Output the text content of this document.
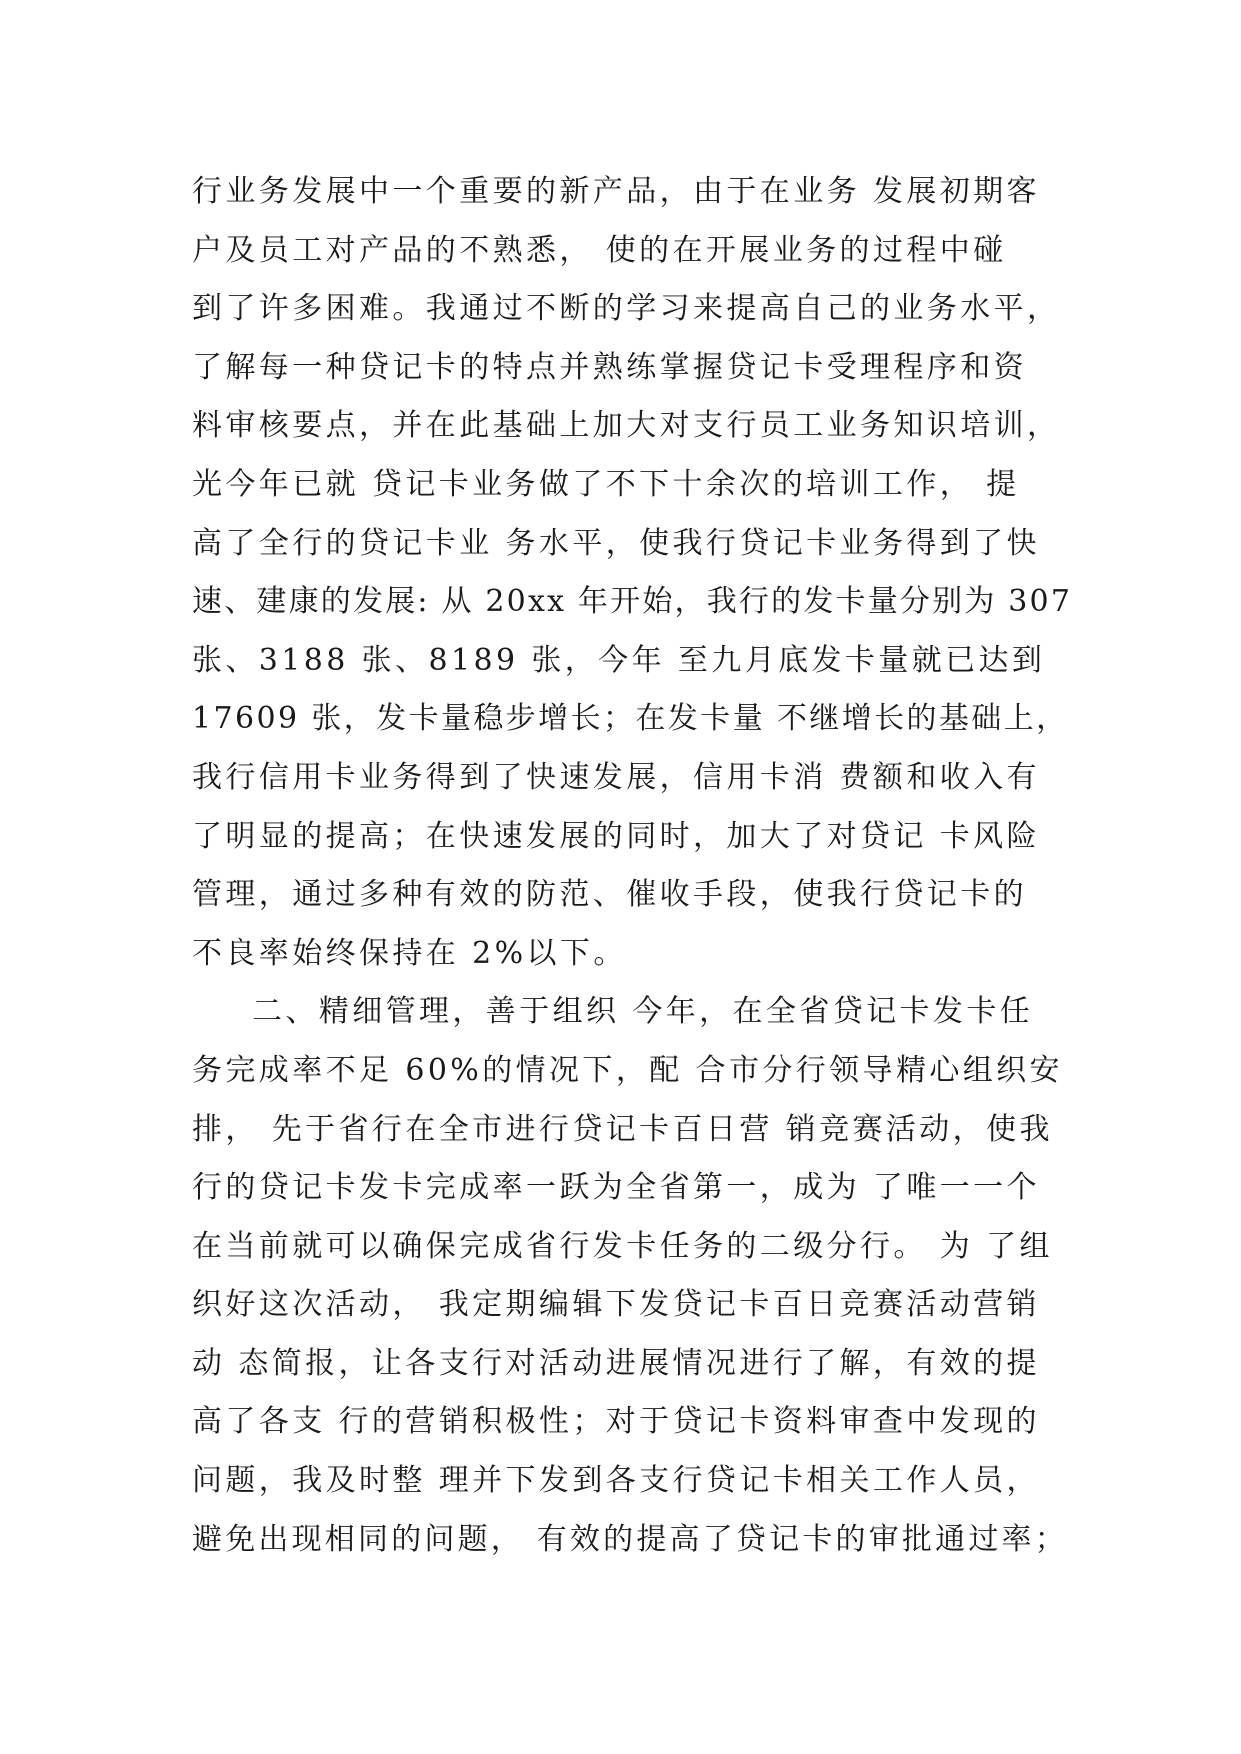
行业务发展中一个重要的新产品，由于在业务 发展初期客
户及员工对产品的不熟悉， 使的在开展业务的过程中碰
到了许多困难。我通过不断的学习来提高自己的业务水平，
了解每一种贷记卡的特点并熟练掌握贷记卡受理程序和资
料审核要点，并在此基础上加大对支行员工业务知识培训，
光今年已就 贷记卡业务做了不下十余次的培训工作， 提
高了全行的贷记卡业 务水平，使我行贷记卡业务得到了快
速、建康的发展: 从 20xx 年开始，我行的发卡量分别为 307
张、3188 张、8189 张，今年 至九月底发卡量就已达到
17609 张，发卡量稳步增长；在发卡量 不继增长的基础上，
我行信用卡业务得到了快速发展，信用卡消 费额和收入有
了明显的提高；在快速发展的同时，加大了对贷记 卡风险
管理，通过多种有效的防范、催收手段，使我行贷记卡的
不良率始终保持在 2%以下。
二、精细管理，善于组织 今年，在全省贷记卡发卡任
务完成率不足 60%的情况下，配 合市分行领导精心组织安
排， 先于省行在全市进行贷记卡百日营 销竞赛活动，使我
行的贷记卡发卡完成率一跃为全省第一，成为 了唯一一个
在当前就可以确保完成省行发卡任务的二级分行。 为 了组
织好这次活动， 我定期编辑下发贷记卡百日竞赛活动营销
动 态简报，让各支行对活动进展情况进行了解，有效的提
高了各支 行的营销积极性；对于贷记卡资料审查中发现的
问题，我及时整 理并下发到各支行贷记卡相关工作人员，
避免出现相同的问题， 有效的提高了贷记卡的审批通过率；
